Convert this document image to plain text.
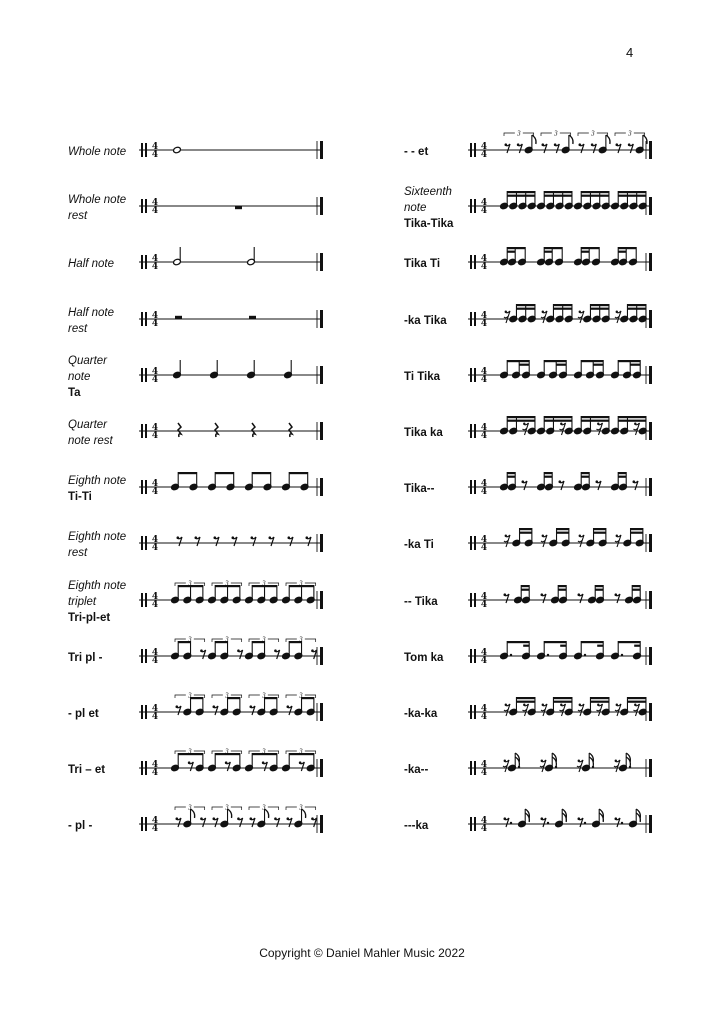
4
Whole note	4
4
Whole note
rest
4
4
Half note	4
4
Half note
rest
4
4
Quarter
note
Ta
4
4
Quarter
note rest
4
4
Eighth note
Ti-Ti
4
4
Eighth note
rest
4
4
Eighth note
triplet
Tri-pl-et
4
4
3	3	3	3
Tri pl -	4
4
3	3	3	3
- pl et	4
4
3	3	3	3
Tri – et	4
4
3	3	3	3
- pl -	4
4
3	3	3	3
- - et	4
4
3	3	3	3
Sixteenth
note
Tika-Tika
4
4
Tika Ti	4
4
-ka Tika	4
4
Ti Tika	4
4
Tika ka	4
4
Tika--	4
4
-ka Ti	4
4
-- Tika	4
4
Tom ka	4
4
-ka-ka	4
4
-ka--	4
4
---ka	4
4
Copyright © Daniel Mahler Music 2022
